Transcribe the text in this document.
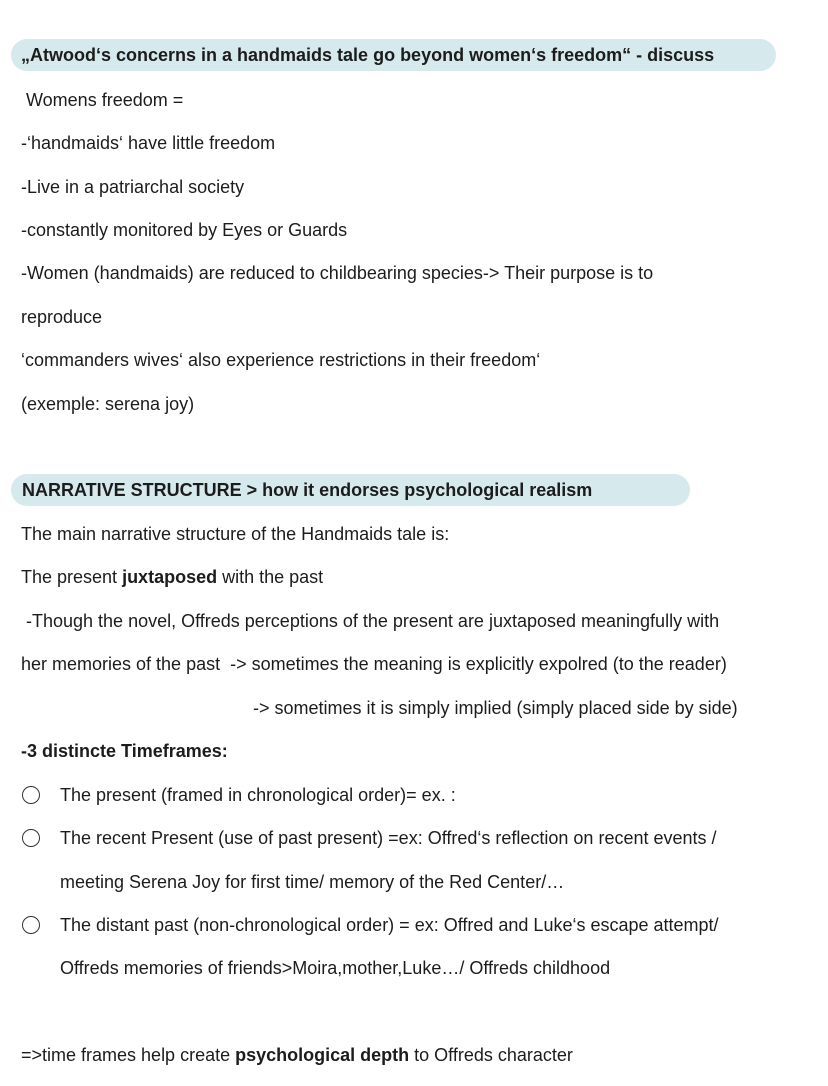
„Atwood‘s concerns in a handmaids tale go beyond women‘s freedom“ - discuss
Womens freedom =
-‘handmaids‘ have little freedom
-Live in a patriarchal society
-constantly monitored by Eyes or Guards
-Women (handmaids) are reduced to childbearing species-> Their purpose is to
reproduce
‘commanders wives‘ also experience restrictions in their freedom‘
(exemple: serena joy)
NARRATIVE STRUCTURE > how it endorses psychological realism
The main narrative structure of the Handmaids tale is:
The present juxtaposed with the past
-Though the novel, Offreds perceptions of the present are juxtaposed meaningfully with
her memories of the past  -> sometimes the meaning is explicitly expolred (to the reader)
-> sometimes it is simply implied (simply placed side by side)
-3 distincte Timeframes:
The present (framed in chronological order)= ex. :
The recent Present (use of past present) =ex: Offred‘s reflection on recent events /
meeting Serena Joy for first time/ memory of the Red Center/…
The distant past (non-chronological order) = ex: Offred and Luke‘s escape attempt/
Offreds memories of friends>Moira,mother,Luke…/ Offreds childhood
=>time frames help create psychological depth to Offreds character
